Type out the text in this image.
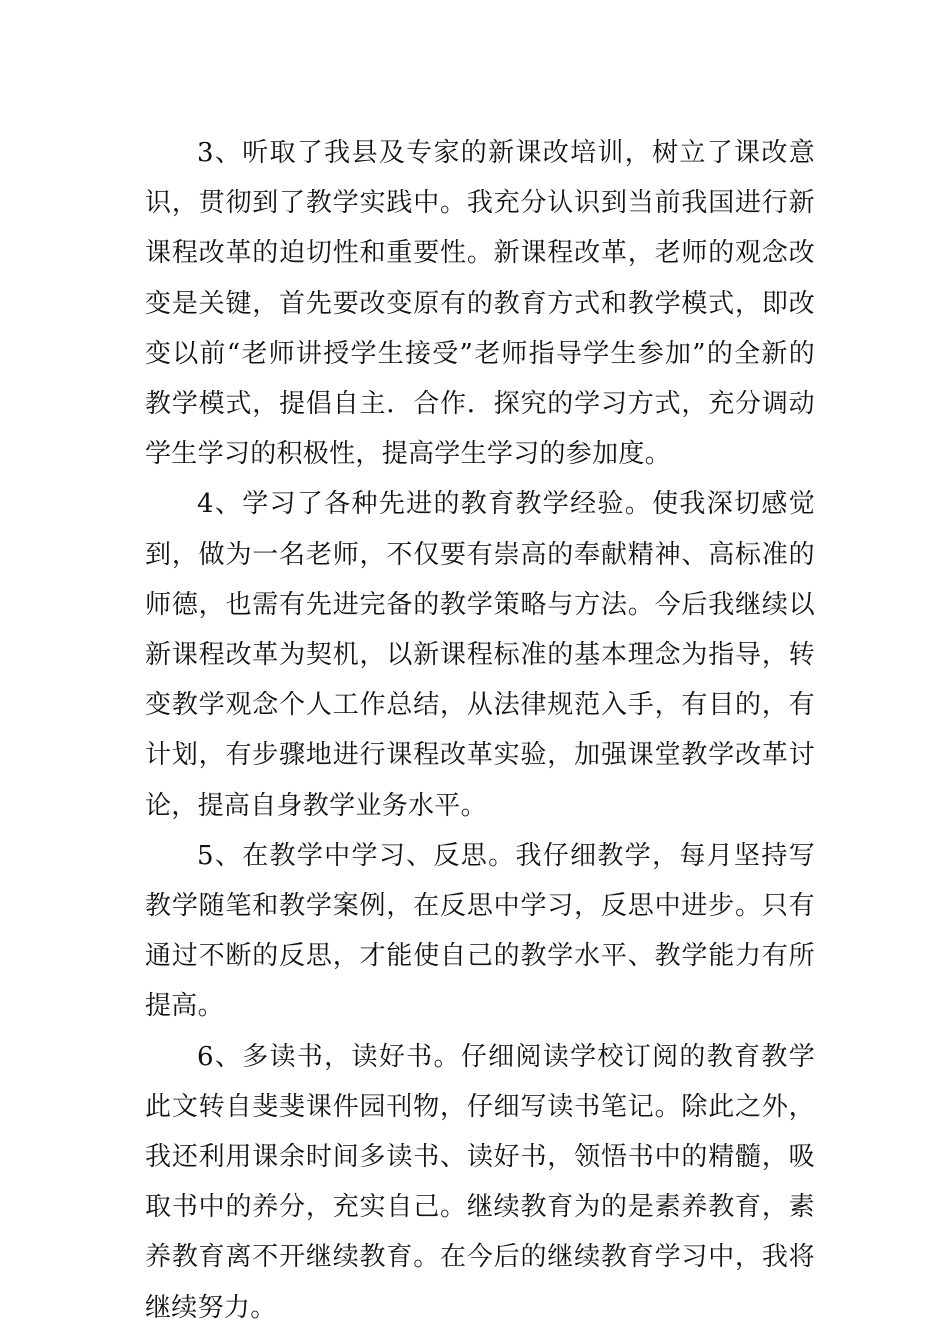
3、听取了我县及专家的新课改培训，树立了课改意识，贯彻到了教学实践中。我充分认识到当前我国进行新课程改革的迫切性和重要性。新课程改革，老师的观念改变是关键，首先要改变原有的教育方式和教学模式，即改变以前“老师讲授学生接受”老师指导学生参加”的全新的教学模式，提倡自主．合作．探究的学习方式，充分调动学生学习的积极性，提高学生学习的参加度。

4、学习了各种先进的教育教学经验。使我深切感觉到，做为一名老师，不仅要有崇高的奉献精神、高标准的师德，也需有先进完备的教学策略与方法。今后我继续以新课程改革为契机，以新课程标准的基本理念为指导，转变教学观念个人工作总结，从法律规范入手，有目的，有计划，有步骤地进行课程改革实验，加强课堂教学改革讨论，提高自身教学业务水平。

5、在教学中学习、反思。我仔细教学，每月坚持写教学随笔和教学案例，在反思中学习，反思中进步。只有通过不断的反思，才能使自己的教学水平、教学能力有所提高。

6、多读书，读好书。仔细阅读学校订阅的教育教学此文转自斐斐课件园刊物，仔细写读书笔记。除此之外，我还利用课余时间多读书、读好书，领悟书中的精髓，吸取书中的养分，充实自己。继续教育为的是素养教育，素养教育离不开继续教育。在今后的继续教育学习中，我将继续努力。
